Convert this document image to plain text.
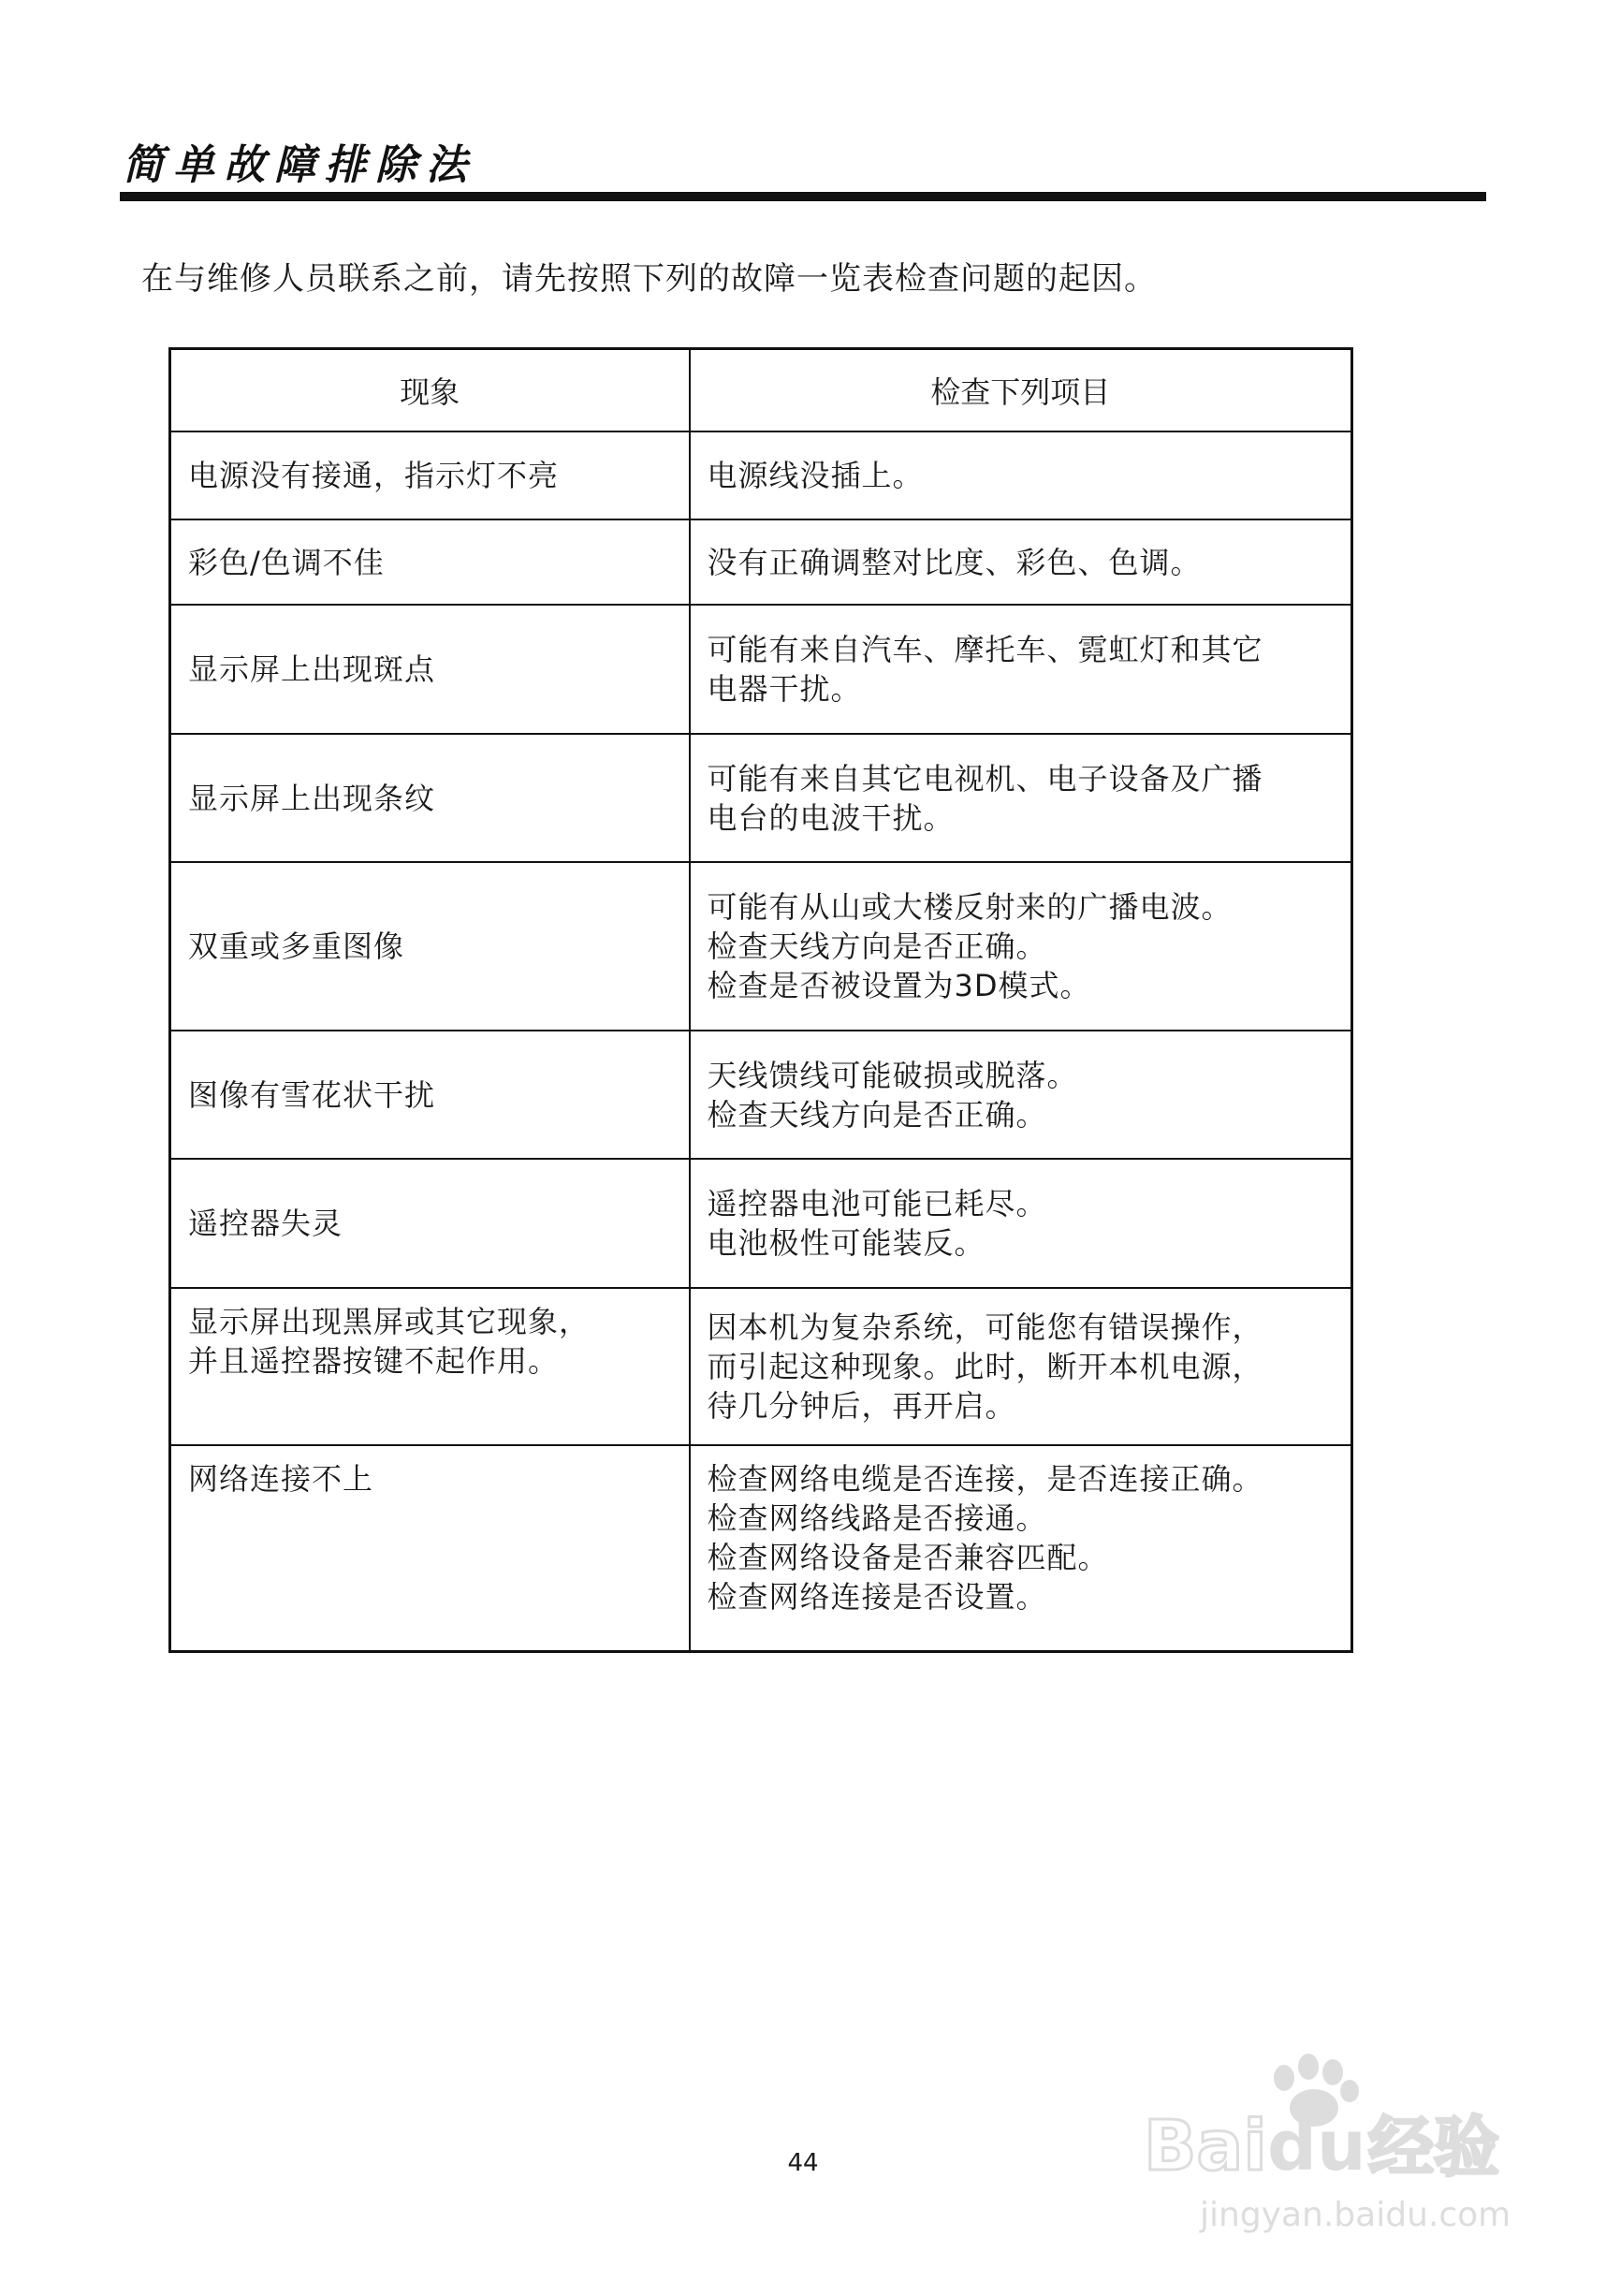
简单故障排除法
在与维修人员联系之前，请先按照下列的故障一览表检查问题的起因。
现象	检查下列项目

电源没有接通，指示灯不亮	电源线没插上。

彩色/色调不佳	没有正确调整对比度、彩色、色调。

显示屏上出现斑点	可能有来自汽车、摩托车、霓虹灯和其它
电器干扰。

显示屏上出现条纹	可能有来自其它电视机、电子设备及广播
电台的电波干扰。

双重或多重图像	可能有从山或大楼反射来的广播电波。
检查天线方向是否正确。
检查是否被设置为3D模式。

图像有雪花状干扰	天线馈线可能破损或脱落。
检查天线方向是否正确。

遥控器失灵	遥控器电池可能已耗尽。
电池极性可能装反。

显示屏出现黑屏或其它现象，
并且遥控器按键不起作用。	因本机为复杂系统，可能您有错误操作，
而引起这种现象。此时，断开本机电源，
待几分钟后，再开启。

网络连接不上	检查网络电缆是否连接，是否连接正确。
检查网络线路是否接通。
检查网络设备是否兼容匹配。
检查网络连接是否设置。
44	Bai du 经验
jingyan.baidu.com
